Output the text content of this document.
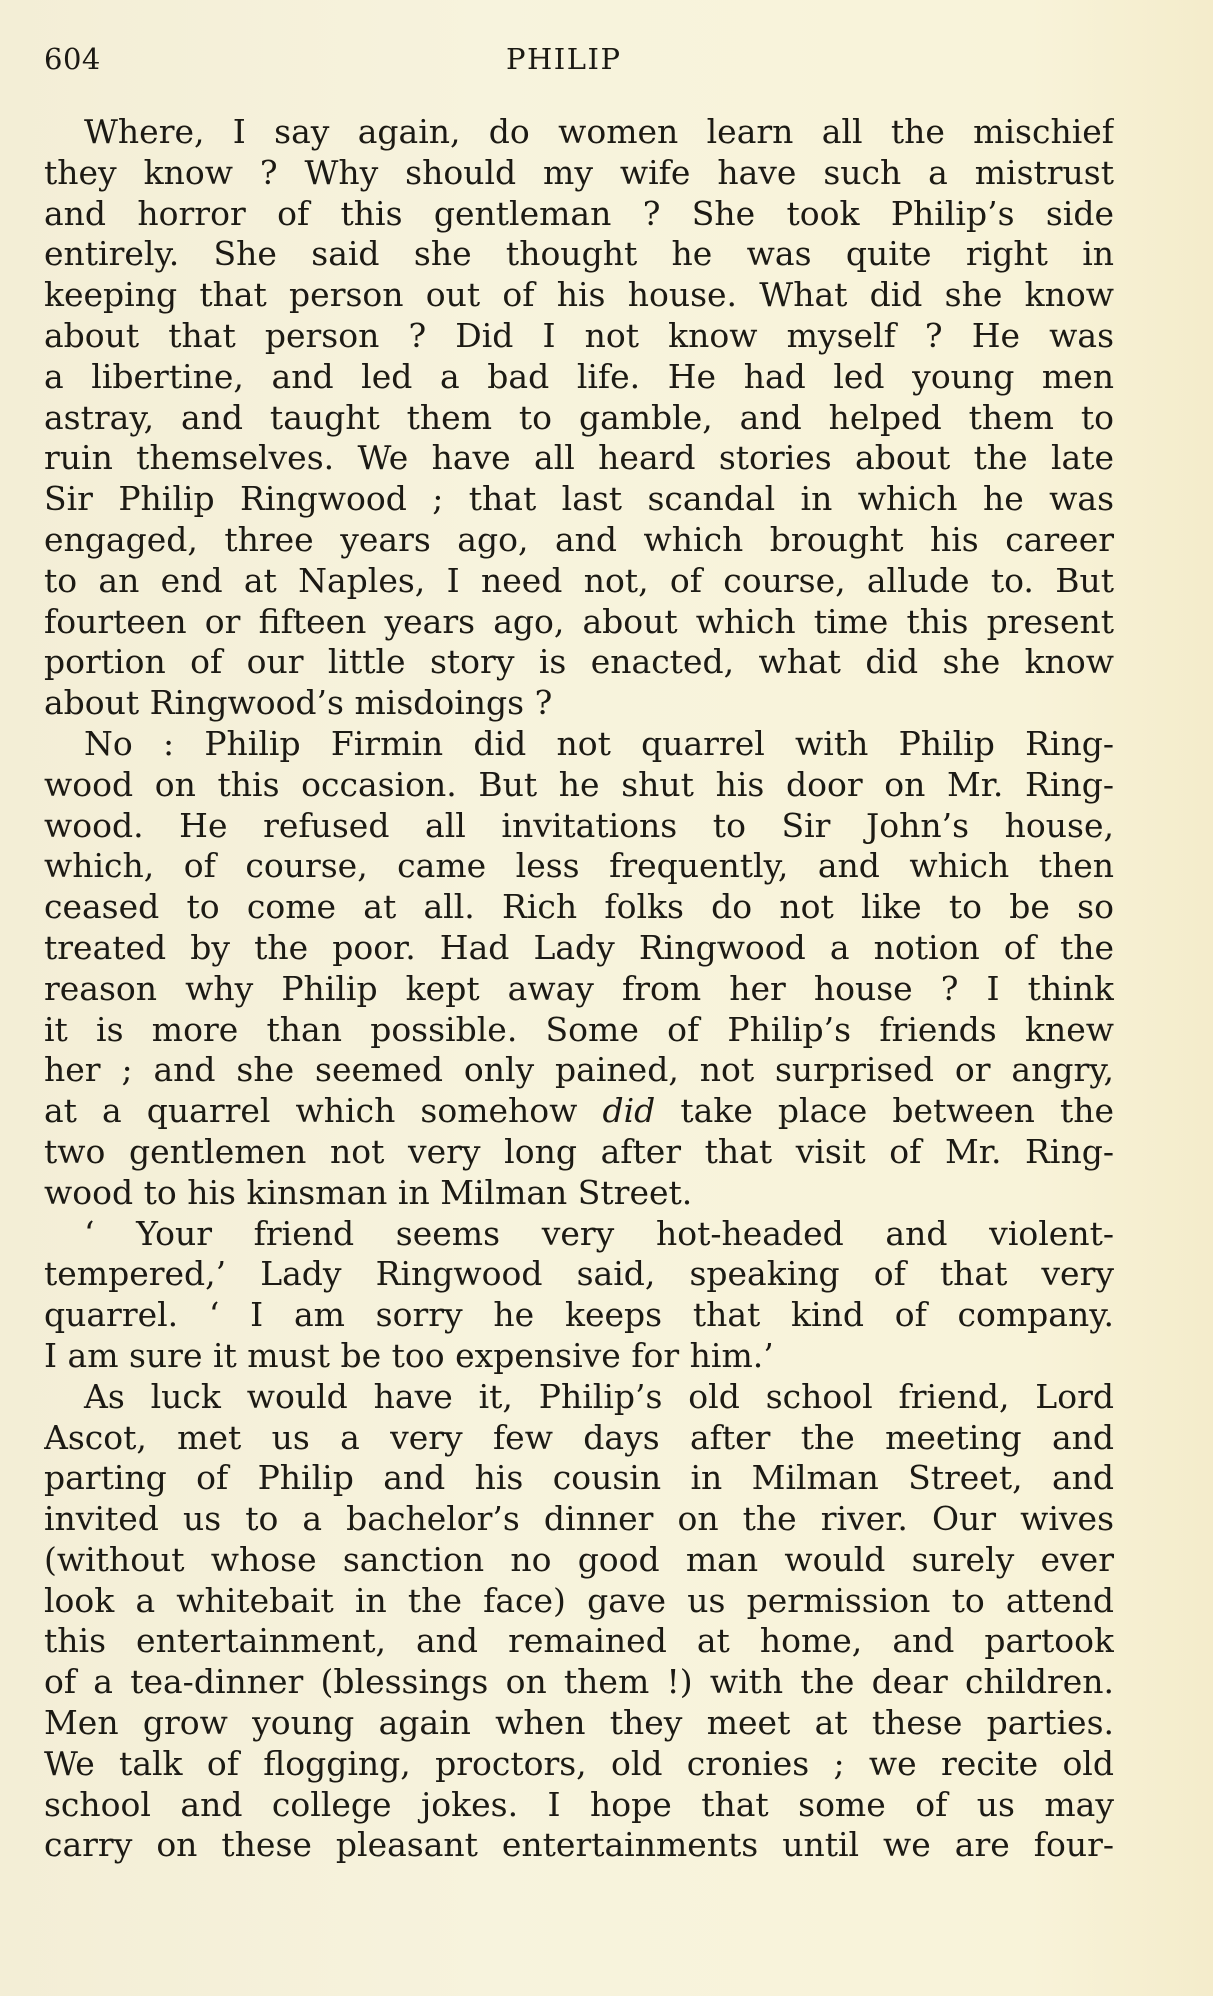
604	PHILIP
Where, I say again, do women learn all the mischief
they know ? Why should my wife have such a mistrust
and horror of this gentleman ? She took Philip’s side
entirely. She said she thought he was quite right in
keeping that person out of his house. What did she know
about that person ? Did I not know myself ? He was
a libertine, and led a bad life. He had led young men
astray, and taught them to gamble, and helped them to
ruin themselves. We have all heard stories about the late
Sir Philip Ringwood ; that last scandal in which he was
engaged, three years ago, and which brought his career
to an end at Naples, I need not, of course, allude to. But
fourteen or fifteen years ago, about which time this present
portion of our little story is enacted, what did she know
about Ringwood’s misdoings ?
No : Philip Firmin did not quarrel with Philip Ring-
wood on this occasion. But he shut his door on Mr. Ring-
wood. He refused all invitations to Sir John’s house,
which, of course, came less frequently, and which then
ceased to come at all. Rich folks do not like to be so
treated by the poor. Had Lady Ringwood a notion of the
reason why Philip kept away from her house ? I think
it is more than possible. Some of Philip’s friends knew
her ; and she seemed only pained, not surprised or angry,
at a quarrel which somehow did take place between the
two gentlemen not very long after that visit of Mr. Ring-
wood to his kinsman in Milman Street.
‘ Your friend seems very hot-headed and violent-
tempered,’ Lady Ringwood said, speaking of that very
quarrel. ‘ I am sorry he keeps that kind of company.
I am sure it must be too expensive for him.’
As luck would have it, Philip’s old school friend, Lord
Ascot, met us a very few days after the meeting and
parting of Philip and his cousin in Milman Street, and
invited us to a bachelor’s dinner on the river. Our wives
(without whose sanction no good man would surely ever
look a whitebait in the face) gave us permission to attend
this entertainment, and remained at home, and partook
of a tea-dinner (blessings on them !) with the dear children.
Men grow young again when they meet at these parties.
We talk of flogging, proctors, old cronies ; we recite old
school and college jokes. I hope that some of us may
carry on these pleasant entertainments until we are four-
